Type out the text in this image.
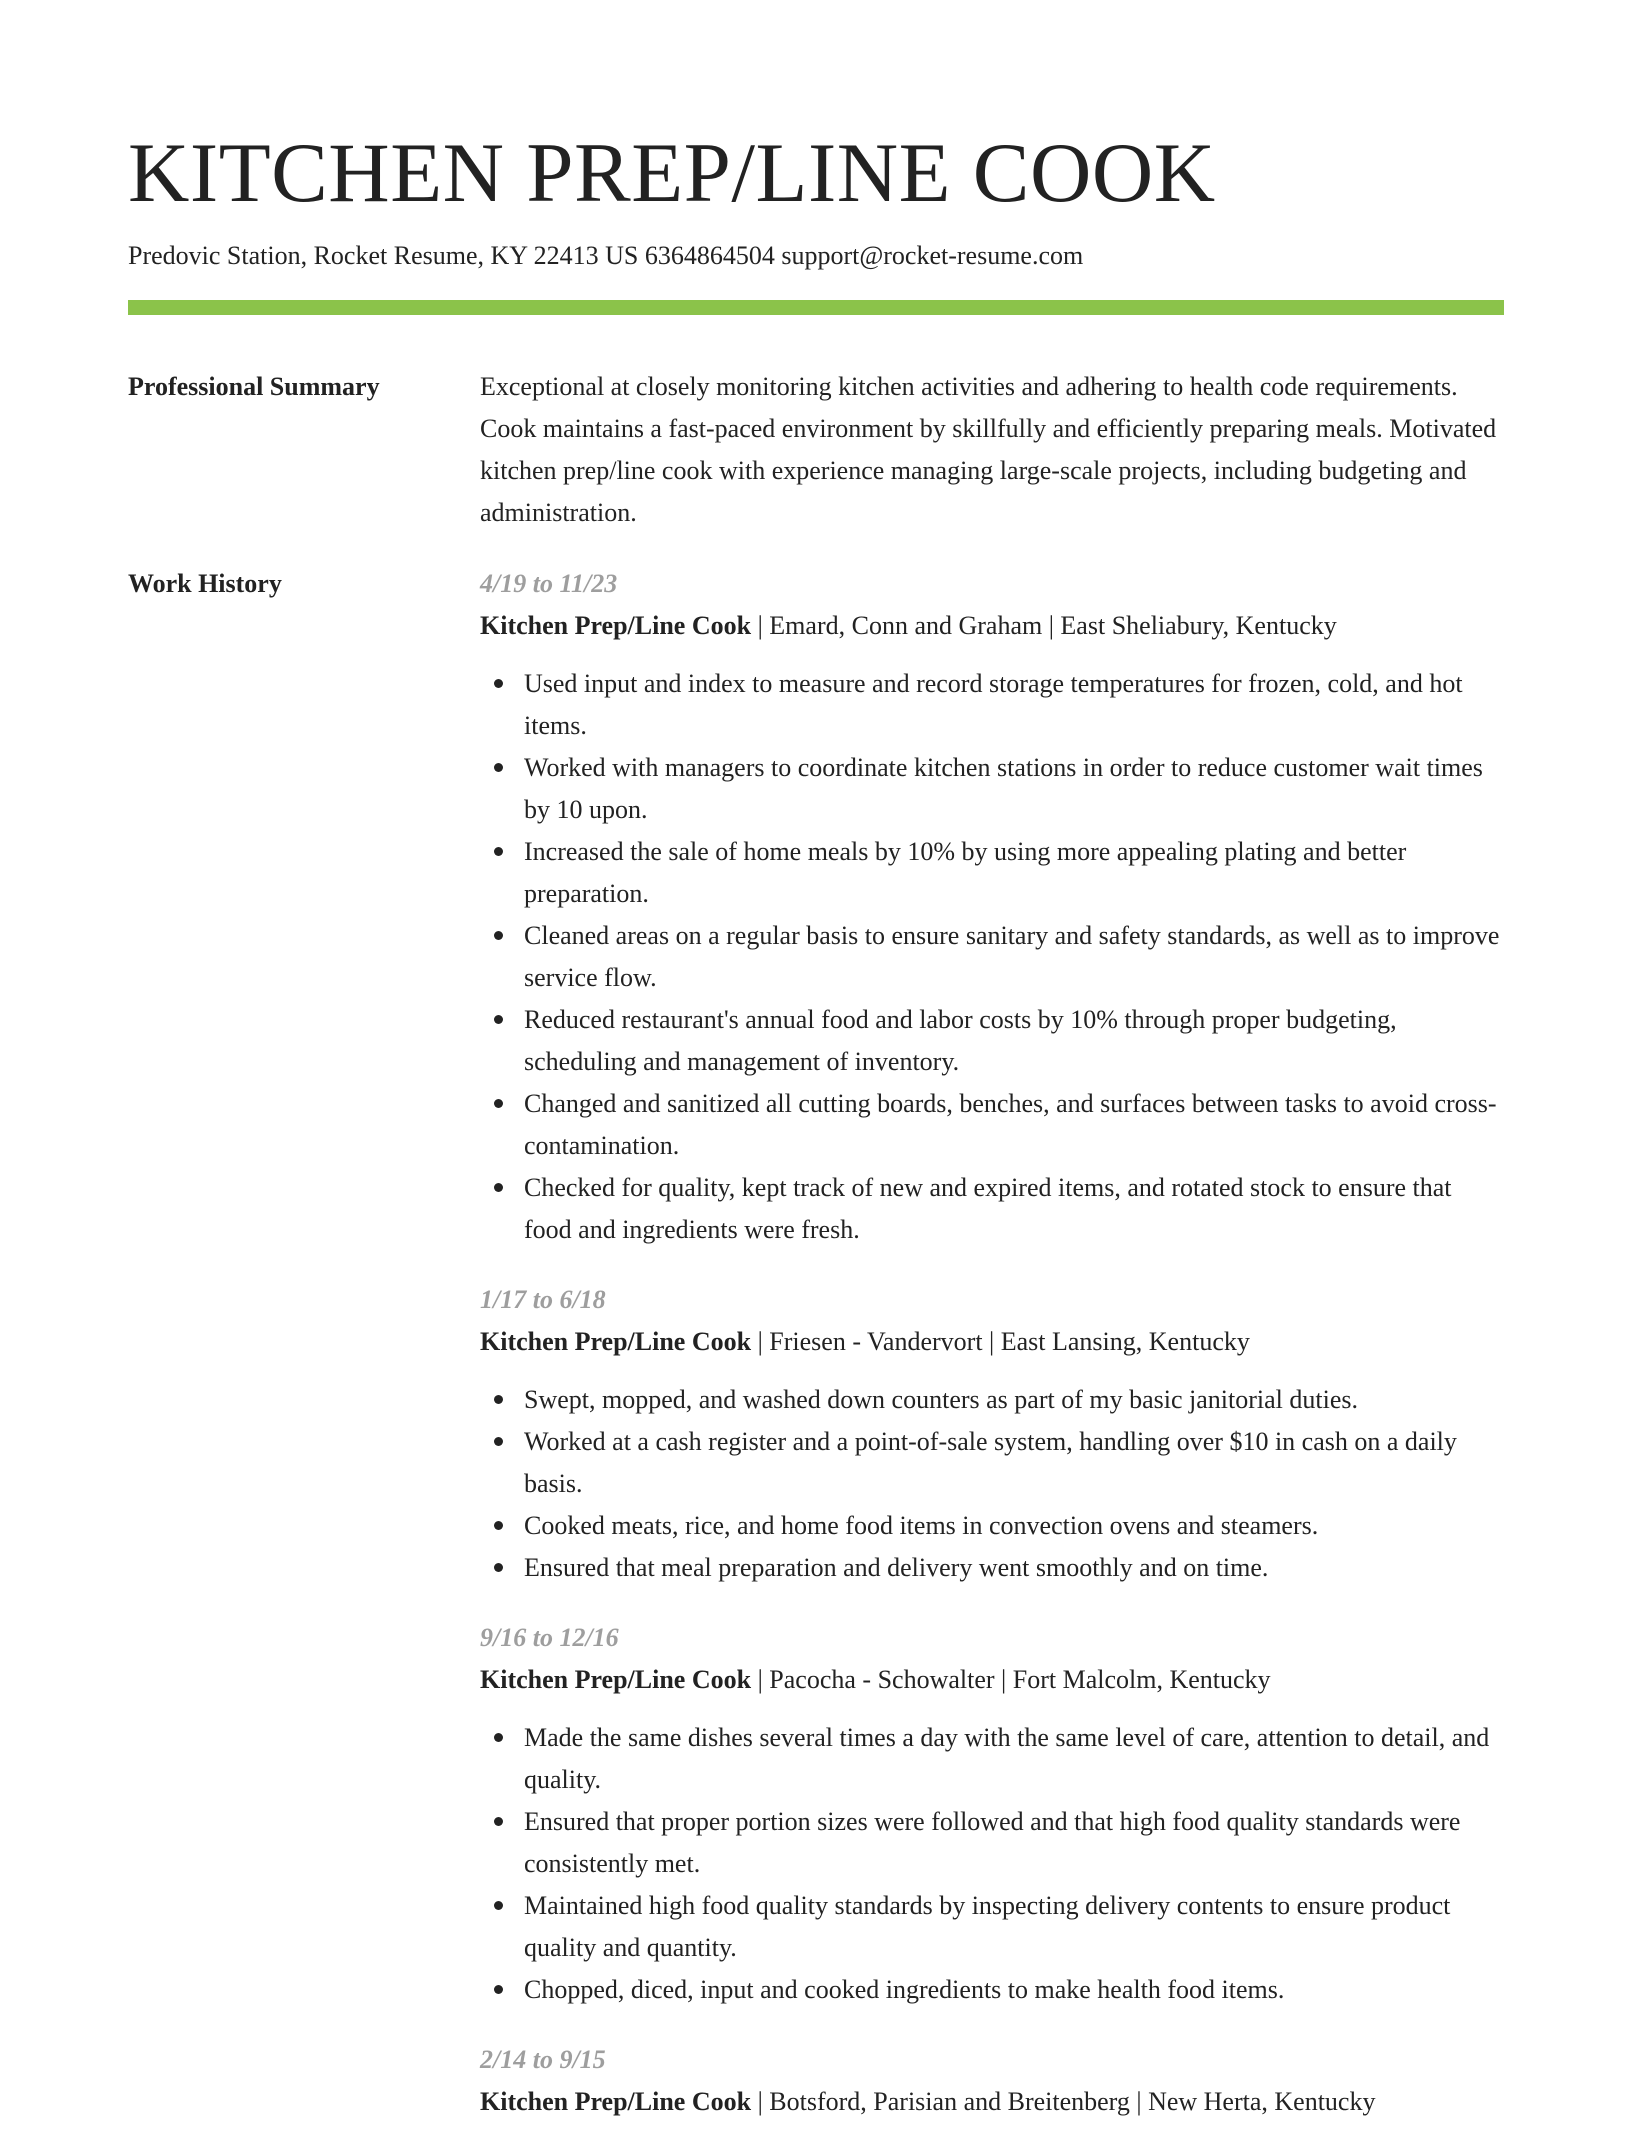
KITCHEN PREP/LINE COOK
Predovic Station, Rocket Resume, KY 22413 US 6364864504 support@rocket-resume.com
Professional Summary	Exceptional at closely monitoring kitchen activities and adhering to health code requirements. Cook maintains a fast-paced environment by skillfully and efficiently preparing meals. Motivated kitchen prep/line cook with experience managing large-scale projects, including budgeting and administration.
Work History	4/19 to 11/23
Kitchen Prep/Line Cook | Emard, Conn and Graham | East Sheliabury, Kentucky
Used input and index to measure and record storage temperatures for frozen, cold, and hot items.
Worked with managers to coordinate kitchen stations in order to reduce customer wait times by 10 upon.
Increased the sale of home meals by 10% by using more appealing plating and better preparation.
Cleaned areas on a regular basis to ensure sanitary and safety standards, as well as to improve service flow.
Reduced restaurant's annual food and labor costs by 10% through proper budgeting, scheduling and management of inventory.
Changed and sanitized all cutting boards, benches, and surfaces between tasks to avoid cross-contamination.
Checked for quality, kept track of new and expired items, and rotated stock to ensure that food and ingredients were fresh.
1/17 to 6/18
Kitchen Prep/Line Cook | Friesen - Vandervort | East Lansing, Kentucky
Swept, mopped, and washed down counters as part of my basic janitorial duties.
Worked at a cash register and a point-of-sale system, handling over $10 in cash on a daily basis.
Cooked meats, rice, and home food items in convection ovens and steamers.
Ensured that meal preparation and delivery went smoothly and on time.
9/16 to 12/16
Kitchen Prep/Line Cook | Pacocha - Schowalter | Fort Malcolm, Kentucky
Made the same dishes several times a day with the same level of care, attention to detail, and quality.
Ensured that proper portion sizes were followed and that high food quality standards were consistently met.
Maintained high food quality standards by inspecting delivery contents to ensure product quality and quantity.
Chopped, diced, input and cooked ingredients to make health food items.
2/14 to 9/15
Kitchen Prep/Line Cook | Botsford, Parisian and Breitenberg | New Herta, Kentucky
